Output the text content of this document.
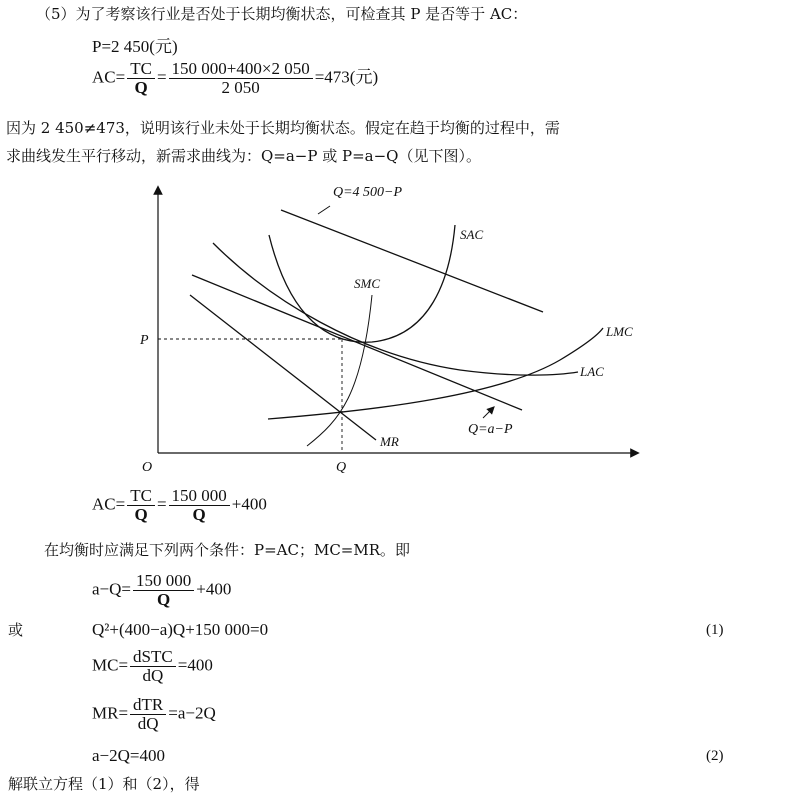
（5）为了考察该行业是否处于长期均衡状态，可检查其 P 是否等于 AC：
P=2 450(元)
$AC= \frac{TC}{Q} = \frac{150 000+400\times 2 050}{2 050} =473$(元)
因为 2 450≠473，说明该行业未处于长期均衡状态。假定在趋于均衡的过程中，需
求曲线发生平行移动，新需求曲线为：Q=a−P 或 P=a−Q（见下图）。
Q=4 500−P
SAC
SMC
LMC
LAC
Q=a−P
MR
P
Q
O
$AC= \frac{TC}{Q} = \frac{150 000}{Q} +400$
在均衡时应满足下列两个条件：P=AC；MC=MR。即
$a-Q= \frac{150 000}{Q} +400$
或	Q²+(400−a)Q+150 000=0	(1)
$MC= \frac{\text{dSTC}}{dQ} =400$
$MR= \frac{\text{dTR}}{dQ} =a-2Q$
a−2Q=400	(2)
解联立方程（1）和（2），得
